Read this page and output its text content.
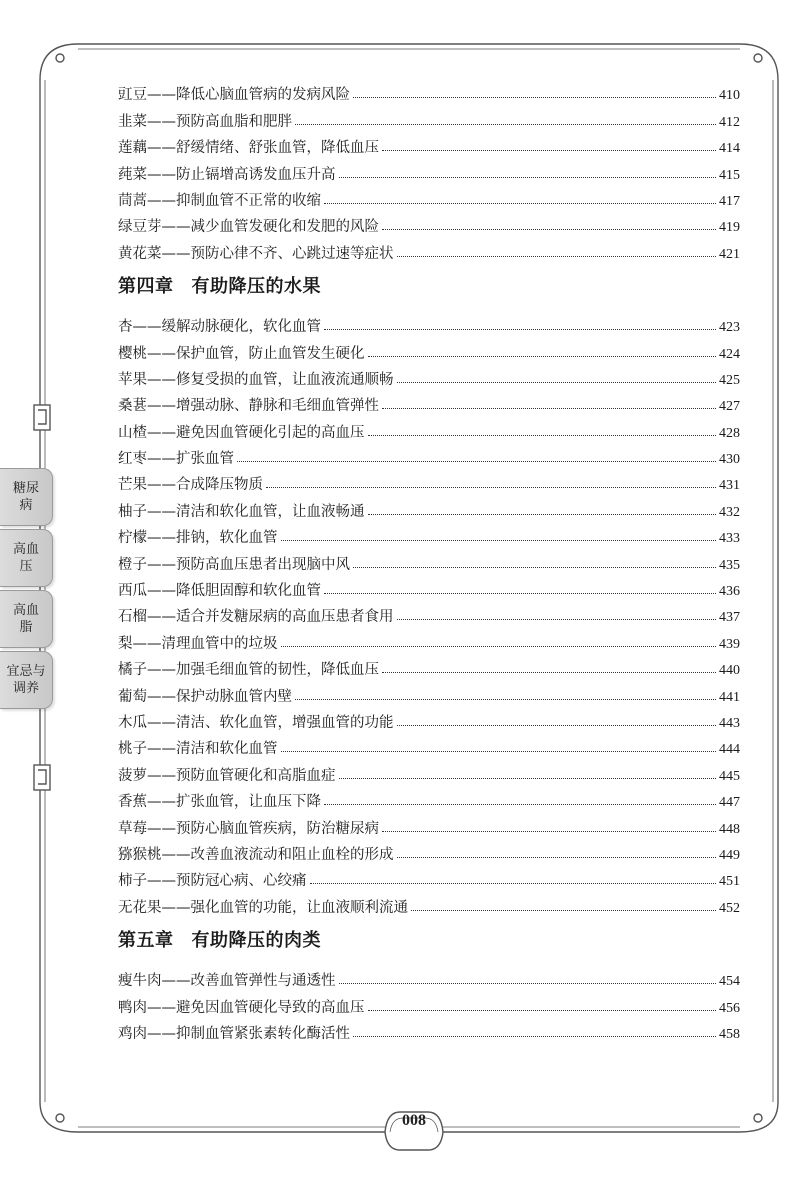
豇豆——降低心脑血管病的发病风险	410
韭菜——预防高血脂和肥胖	412
莲藕——舒缓情绪、舒张血管，降低血压	414
莼菜——防止镉增高诱发血压升高	415
茼蒿——抑制血管不正常的收缩	417
绿豆芽——减少血管发硬化和发肥的风险	419
黄花菜——预防心律不齐、心跳过速等症状	421
第四章 有助降压的水果
杏——缓解动脉硬化，软化血管	423
樱桃——保护血管，防止血管发生硬化	424
苹果——修复受损的血管，让血液流通顺畅	425
桑葚——增强动脉、静脉和毛细血管弹性	427
山楂——避免因血管硬化引起的高血压	428
红枣——扩张血管	430
芒果——合成降压物质	431
柚子——清洁和软化血管，让血液畅通	432
柠檬——排钠，软化血管	433
橙子——预防高血压患者出现脑中风	435
西瓜——降低胆固醇和软化血管	436
石榴——适合并发糖尿病的高血压患者食用	437
梨——清理血管中的垃圾	439
橘子——加强毛细血管的韧性，降低血压	440
葡萄——保护动脉血管内壁	441
木瓜——清洁、软化血管，增强血管的功能	443
桃子——清洁和软化血管	444
菠萝——预防血管硬化和高脂血症	445
香蕉——扩张血管，让血压下降	447
草莓——预防心脑血管疾病，防治糖尿病	448
猕猴桃——改善血液流动和阻止血栓的形成	449
柿子——预防冠心病、心绞痛	451
无花果——强化血管的功能，让血液顺利流通	452
第五章 有助降压的肉类
瘦牛肉——改善血管弹性与通透性	454
鸭肉——避免因血管硬化导致的高血压	456
鸡肉——抑制血管紧张素转化酶活性	458
糖尿
病
高血
压
高血
脂
宜忌与
调养
008
